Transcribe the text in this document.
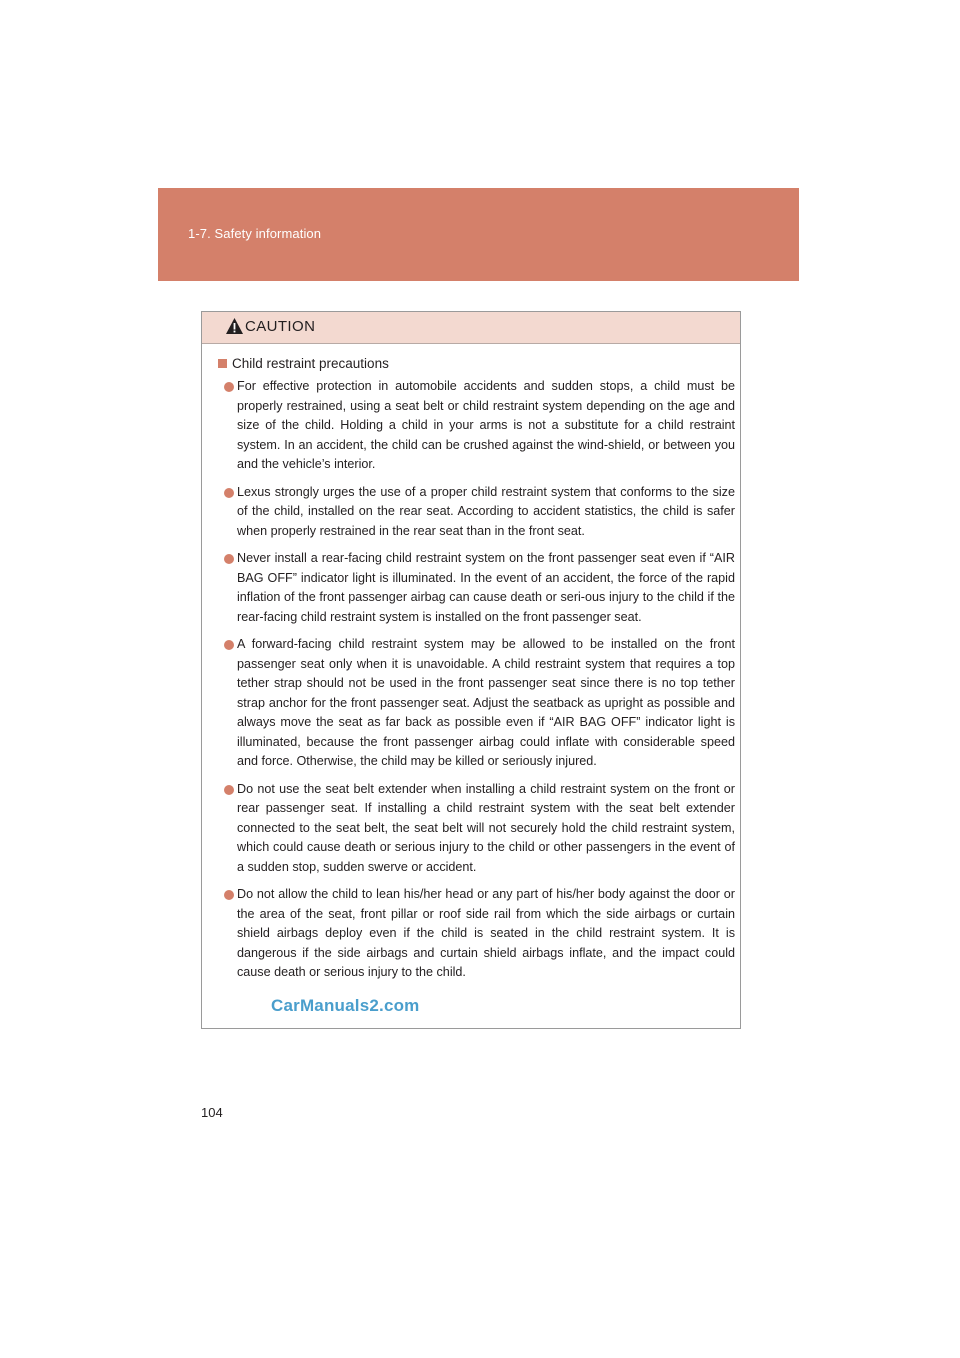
1-7. Safety information
CAUTION
Child restraint precautions
For effective protection in automobile accidents and sudden stops, a child must be properly restrained, using a seat belt or child restraint system depending on the age and size of the child. Holding a child in your arms is not a substitute for a child restraint system. In an accident, the child can be crushed against the wind-shield, or between you and the vehicle’s interior.
Lexus strongly urges the use of a proper child restraint system that conforms to the size of the child, installed on the rear seat. According to accident statistics, the child is safer when properly restrained in the rear seat than in the front seat.
Never install a rear-facing child restraint system on the front passenger seat even if “AIR BAG OFF” indicator light is illuminated. In the event of an accident, the force of the rapid inflation of the front passenger airbag can cause death or seri-ous injury to the child if the rear-facing child restraint system is installed on the front passenger seat.
A forward-facing child restraint system may be allowed to be installed on the front passenger seat only when it is unavoidable. A child restraint system that requires a top tether strap should not be used in the front passenger seat since there is no top tether strap anchor for the front passenger seat. Adjust the seatback as upright as possible and always move the seat as far back as possible even if “AIR BAG OFF” indicator light is illuminated, because the front passenger airbag could inflate with considerable speed and force. Otherwise, the child may be killed or seriously injured.
Do not use the seat belt extender when installing a child restraint system on the front or rear passenger seat. If installing a child restraint system with the seat belt extender connected to the seat belt, the seat belt will not securely hold the child restraint system, which could cause death or serious injury to the child or other passengers in the event of a sudden stop, sudden swerve or accident.
Do not allow the child to lean his/her head or any part of his/her body against the door or the area of the seat, front pillar or roof side rail from which the side airbags or curtain shield airbags deploy even if the child is seated in the child restraint system. It is dangerous if the side airbags and curtain shield airbags inflate, and the impact could cause death or serious injury to the child.
CarManuals2.com
104
